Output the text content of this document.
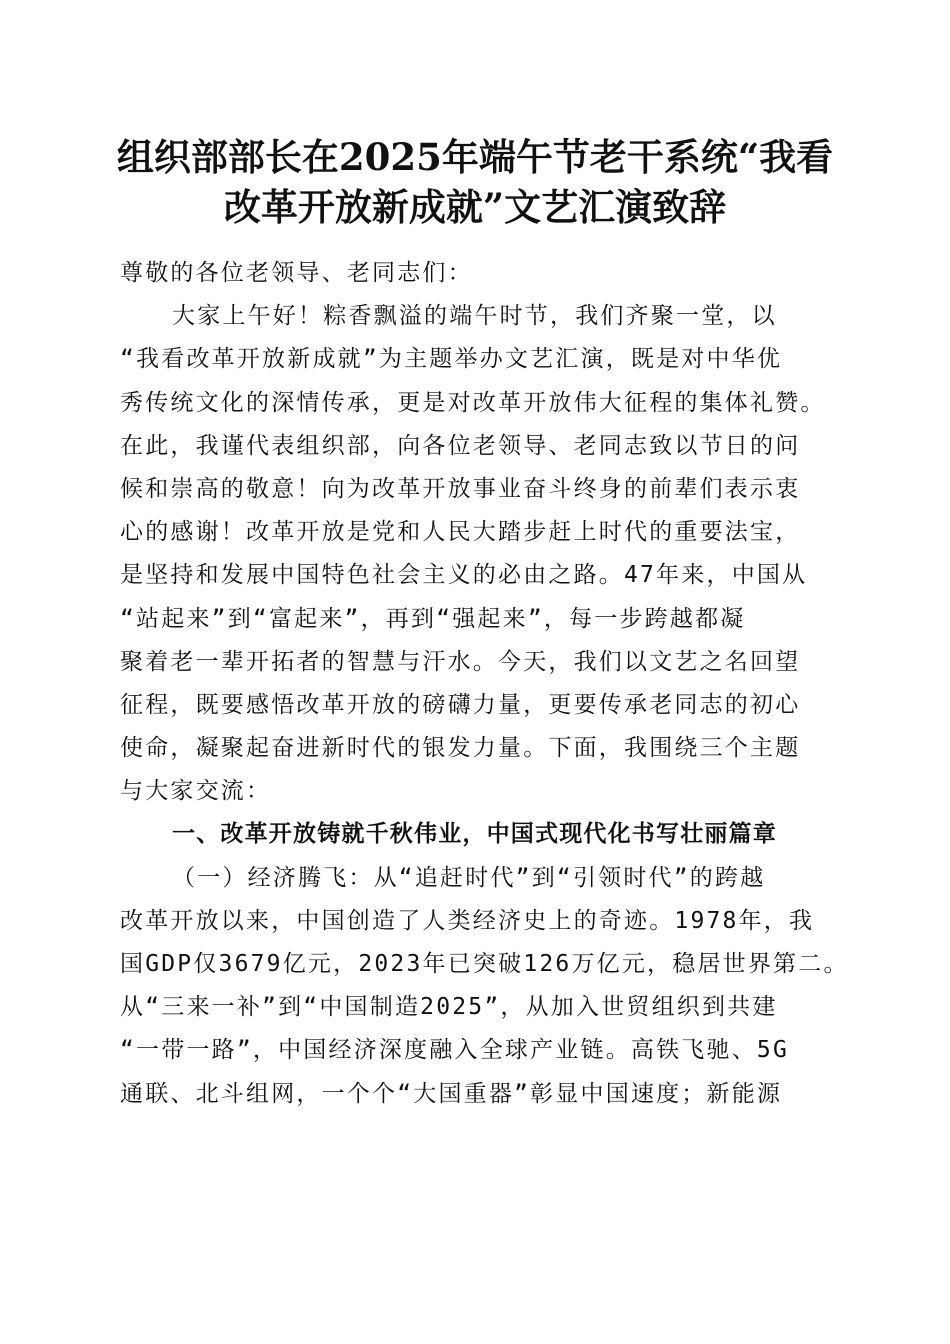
组织部部长在2025年端午节老干系统“我看
改革开放新成就”文艺汇演致辞
尊敬的各位老领导、老同志们：
大家上午好！粽香飘溢的端午时节，我们齐聚一堂，以
“我看改革开放新成就”为主题举办文艺汇演，既是对中华优
秀传统文化的深情传承，更是对改革开放伟大征程的集体礼赞。
在此，我谨代表组织部，向各位老领导、老同志致以节日的问
候和崇高的敬意！向为改革开放事业奋斗终身的前辈们表示衷
心的感谢！改革开放是党和人民大踏步赶上时代的重要法宝，
是坚持和发展中国特色社会主义的必由之路。47年来，中国从
“站起来”到“富起来”，再到“强起来”，每一步跨越都凝
聚着老一辈开拓者的智慧与汗水。今天，我们以文艺之名回望
征程，既要感悟改革开放的磅礴力量，更要传承老同志的初心
使命，凝聚起奋进新时代的银发力量。下面，我围绕三个主题
与大家交流：
一、改革开放铸就千秋伟业，中国式现代化书写壮丽篇章
（一）经济腾飞：从“追赶时代”到“引领时代”的跨越
改革开放以来，中国创造了人类经济史上的奇迹。1978年，我
国GDP仅3679亿元，2023年已突破126万亿元，稳居世界第二。
从“三来一补”到“中国制造2025”，从加入世贸组织到共建
“一带一路”，中国经济深度融入全球产业链。高铁飞驰、5G
通联、北斗组网，一个个“大国重器”彰显中国速度；新能源
